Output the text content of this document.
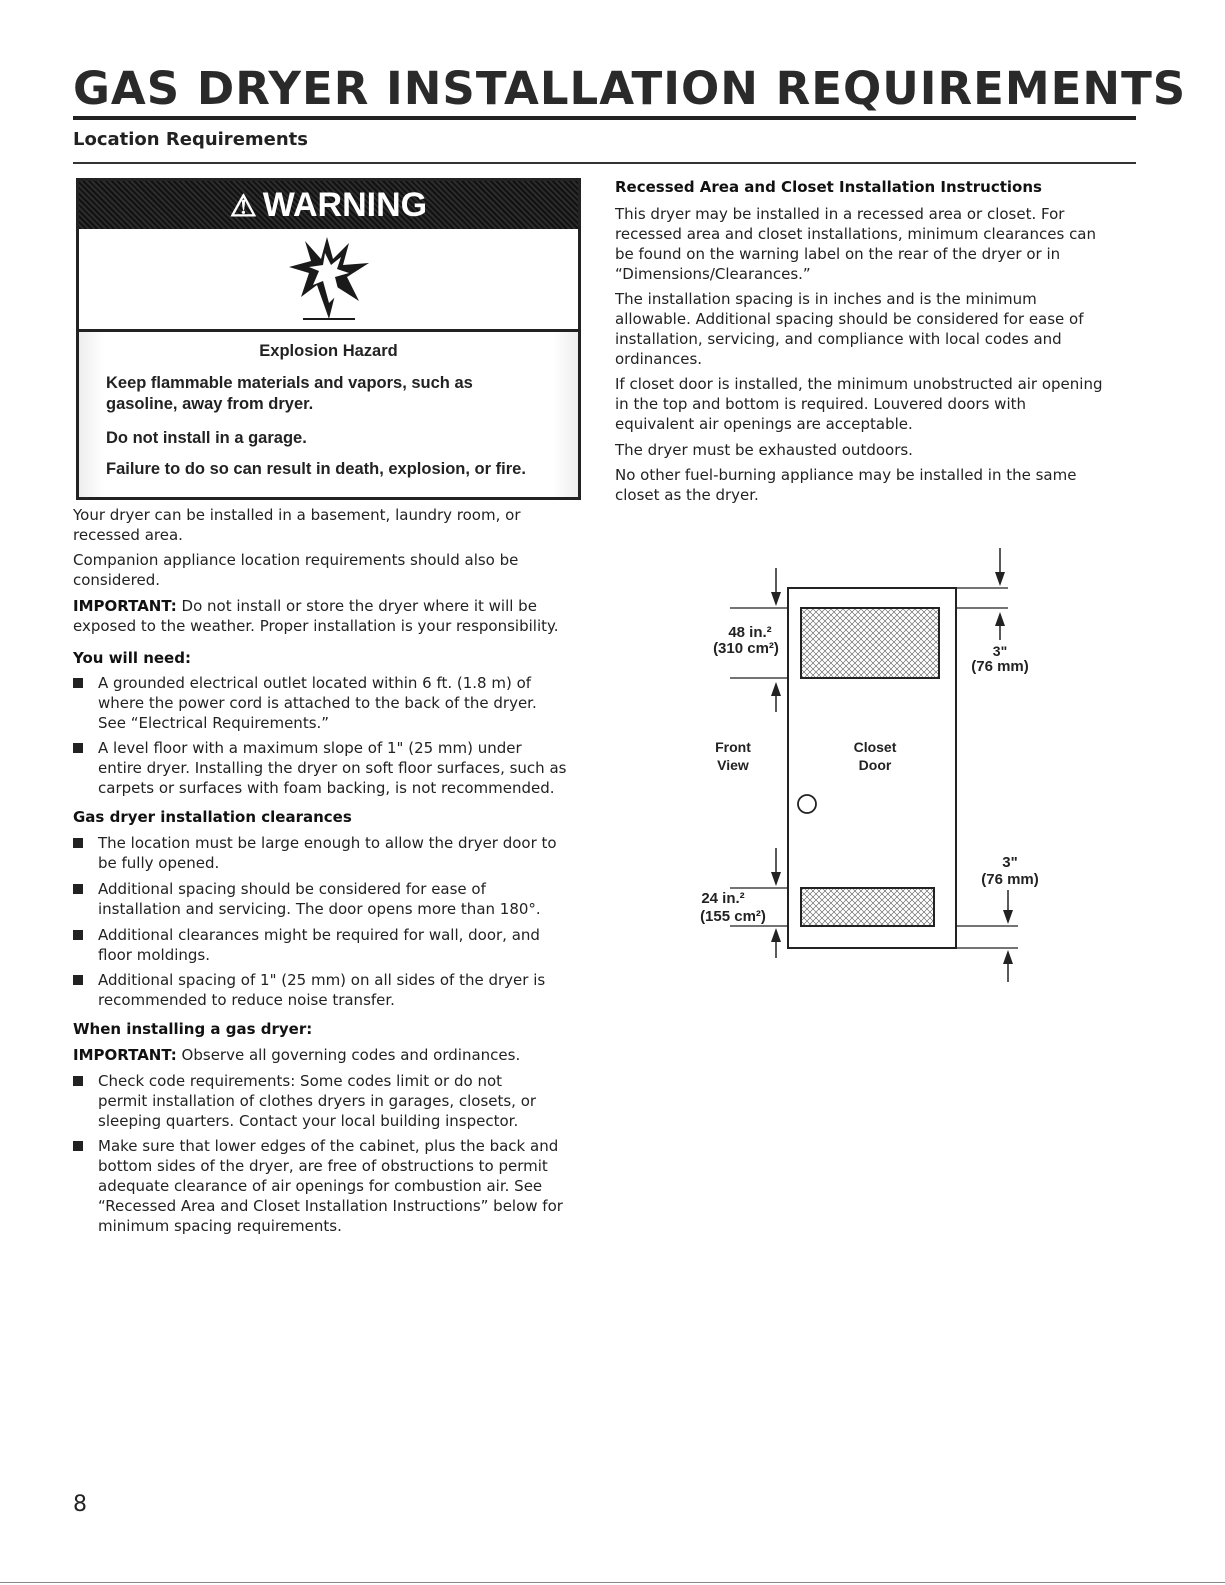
GAS DRYER INSTALLATION REQUIREMENTS
Location Requirements
⚠ WARNING
Explosion Hazard
Keep flammable materials and vapors, such as gasoline, away from dryer.
Do not install in a garage.
Failure to do so can result in death, explosion, or fire.

Your dryer can be installed in a basement, laundry room, or recessed area.

Companion appliance location requirements should also be considered.

IMPORTANT: Do not install or store the dryer where it will be exposed to the weather. Proper installation is your responsibility.

You will need:

A grounded electrical outlet located within 6 ft. (1.8 m) of where the power cord is attached to the back of the dryer. See “Electrical Requirements.”
A level floor with a maximum slope of 1" (25 mm) under entire dryer. Installing the dryer on soft floor surfaces, such as carpets or surfaces with foam backing, is not recommended.

Gas dryer installation clearances

The location must be large enough to allow the dryer door to be fully opened.
Additional spacing should be considered for ease of installation and servicing. The door opens more than 180°.
Additional clearances might be required for wall, door, and floor moldings.
Additional spacing of 1" (25 mm) on all sides of the dryer is recommended to reduce noise transfer.

When installing a gas dryer:

IMPORTANT: Observe all governing codes and ordinances.

Check code requirements: Some codes limit or do not permit installation of clothes dryers in garages, closets, or sleeping quarters. Contact your local building inspector.
Make sure that lower edges of the cabinet, plus the back and bottom sides of the dryer, are free of obstructions to permit adequate clearance of air openings for combustion air. See “Recessed Area and Closet Installation Instructions” below for minimum spacing requirements.
Recessed Area and Closet Installation Instructions

This dryer may be installed in a recessed area or closet. For recessed area and closet installations, minimum clearances can be found on the warning label on the rear of the dryer or in “Dimensions/Clearances.”

The installation spacing is in inches and is the minimum allowable. Additional spacing should be considered for ease of installation, servicing, and compliance with local codes and ordinances.

If closet door is installed, the minimum unobstructed air opening in the top and bottom is required. Louvered doors with equivalent air openings are acceptable.

The dryer must be exhausted outdoors.

No other fuel-burning appliance may be installed in the same closet as the dryer.

48 in.²
(310 cm²)
Front
View
Closet
Door
24 in.²
(155 cm²)
3"
(76 mm)
3"
(76 mm)

8
